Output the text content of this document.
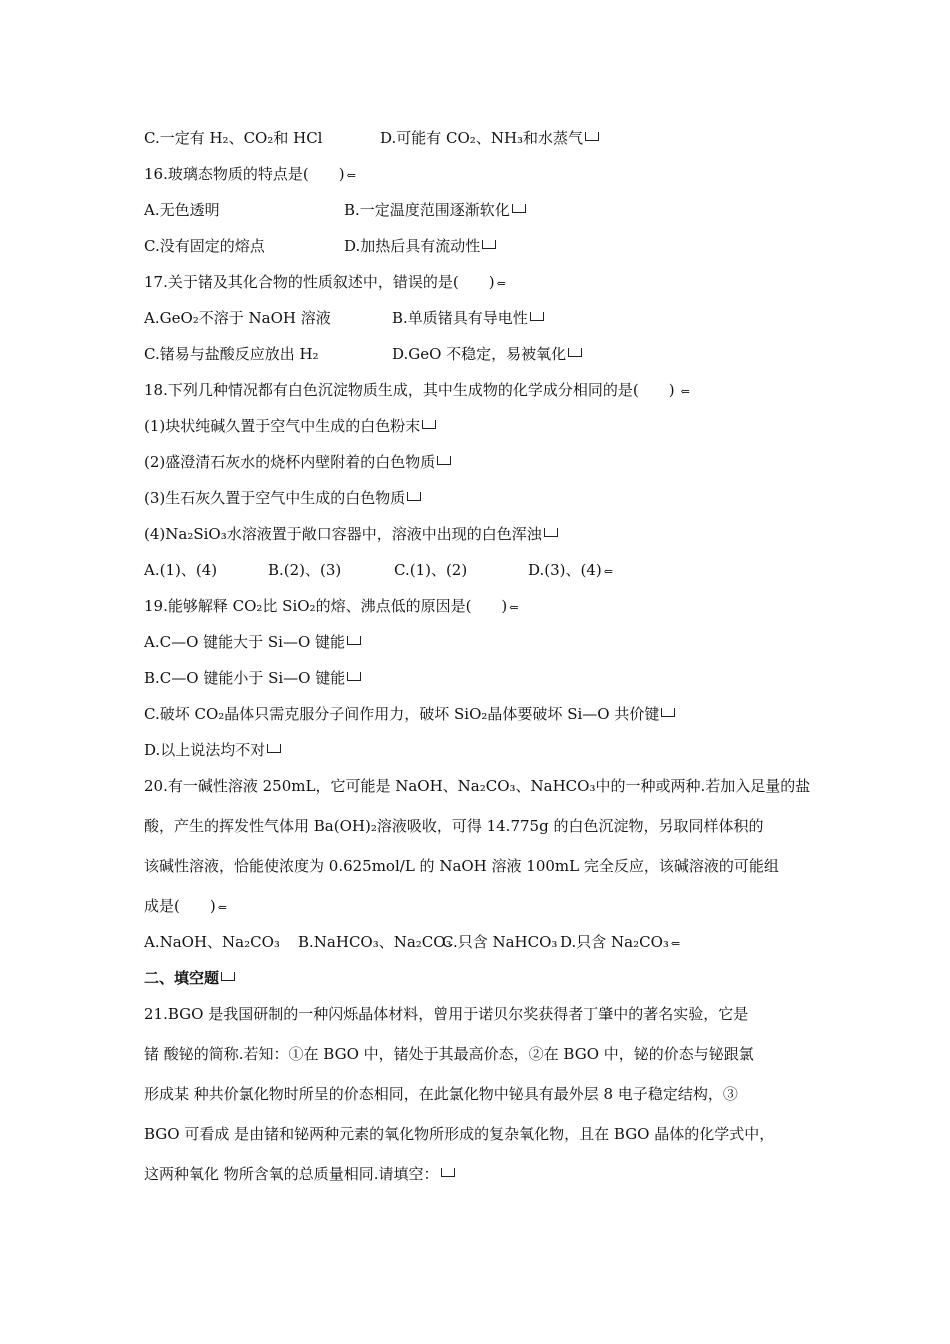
C.一定有 H₂、CO₂和 HCl	D.可能有 CO₂、NH₃和水蒸气
16.玻璃态物质的特点是(　　) ⇐
A.无色透明	B.一定温度范围逐渐软化
C.没有固定的熔点	D.加热后具有流动性
17.关于锗及其化合物的性质叙述中，错误的是(　　) ⇐
A.GeO₂不溶于 NaOH 溶液	B.单质锗具有导电性
C.锗易与盐酸反应放出 H₂	D.GeO 不稳定，易被氧化
18.下列几种情况都有白色沉淀物质生成，其中生成物的化学成分相同的是(　　) ⇐
(1)块状纯碱久置于空气中生成的白色粉末
(2)盛澄清石灰水的烧杯内壁附着的白色物质
(3)生石灰久置于空气中生成的白色物质
(4)Na₂SiO₃水溶液置于敞口容器中，溶液中出现的白色浑浊
A.(1)、(4)	B.(2)、(3)	C.(1)、(2)	D.(3)、(4) ⇐
19.能够解释 CO₂比 SiO₂的熔、沸点低的原因是(　　) ⇐
A.C—O 键能大于 Si—O 键能
B.C—O 键能小于 Si—O 键能
C.破坏 CO₂晶体只需克服分子间作用力，破坏 SiO₂晶体要破坏 Si—O 共价键
D.以上说法均不对
20.有一碱性溶液 250mL，它可能是 NaOH、Na₂CO₃、NaHCO₃中的一种或两种.若加入足量的盐
酸，产生的挥发性气体用 Ba(OH)₂溶液吸收，可得 14.775g 的白色沉淀物，另取同样体积的
该碱性溶液，恰能使浓度为 0.625mol/L 的 NaOH 溶液 100mL 完全反应，该碱溶液的可能组
成是(　　) ⇐
A.NaOH、Na₂CO₃ B.NaHCO₃、Na₂CO₃
C.只含 NaHCO₃ D.只含 Na₂CO₃ ⇐
二、填空题
21.BGO 是我国研制的一种闪烁晶体材料，曾用于诺贝尔奖获得者丁肇中的著名实验，它是
锗 酸铋的简称.若知：①在 BGO 中，锗处于其最高价态，②在 BGO 中，铋的价态与铋跟氯
形成某 种共价氯化物时所呈的价态相同，在此氯化物中铋具有最外层 8 电子稳定结构，③
BGO 可看成 是由锗和铋两种元素的氧化物所形成的复杂氧化物，且在 BGO 晶体的化学式中，
这两种氧化 物所含氧的总质量相同.请填空：
